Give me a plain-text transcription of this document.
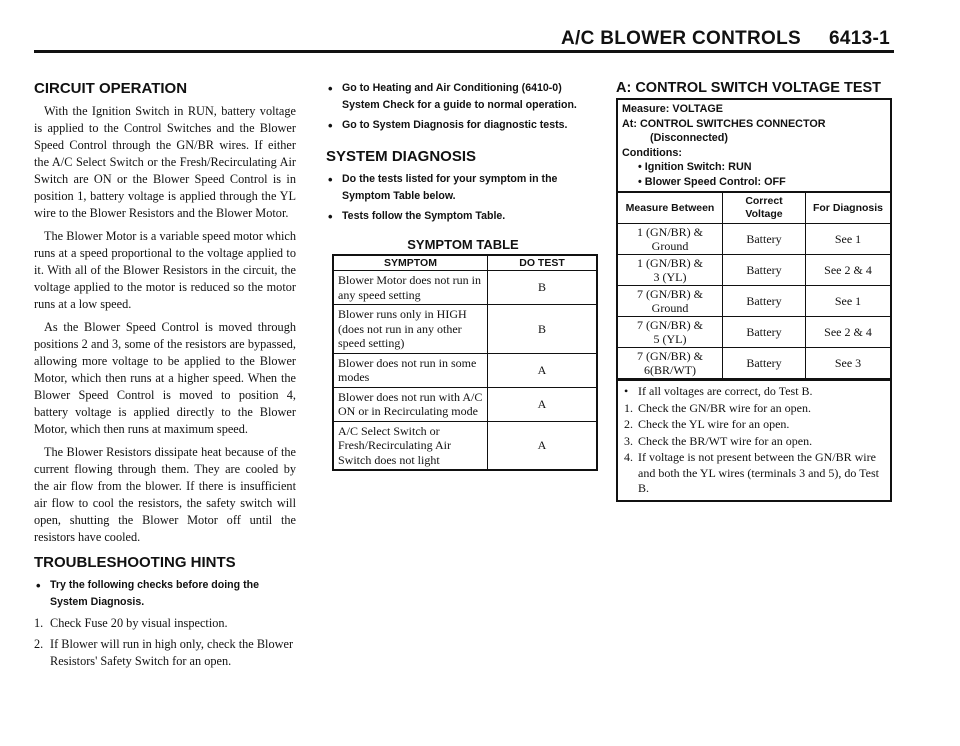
A/C BLOWER CONTROLS 6413-1
CIRCUIT OPERATION

With the Ignition Switch in RUN, battery voltage is applied to the Control Switches and the Blower Speed Control through the GN/BR wires. If either the A/C Select Switch or the Fresh/Recirculating Air Switch are ON or the Blower Speed Control is in position 1, battery voltage is applied through the YL wire to the Blower Resistors and the Blower Motor.

The Blower Motor is a variable speed motor which runs at a speed proportional to the voltage applied to it. With all of the Blower Resistors in the circuit, the voltage applied to the motor is reduced so the motor runs at a low speed.

As the Blower Speed Control is moved through positions 2 and 3, some of the resistors are bypassed, allowing more voltage to be applied to the Blower Motor, which then runs at a higher speed. When the Blower Speed Control is moved to position 4, battery voltage is applied directly to the Blower Motor, which then runs at maximum speed.

The Blower Resistors dissipate heat because of the current flowing through them. They are cooled by the air flow from the blower. If there is insufficient air flow to cool the resistors, the safety switch will open, shutting the Blower Motor off until the resistors have cooled.

TROUBLESHOOTING HINTS
• Try the following checks before doing the System Diagnosis.
1. Check Fuse 20 by visual inspection.
2. If Blower will run in high only, check the Blower Resistors' Safety Switch for an open.
• Go to Heating and Air Conditioning (6410-0) System Check for a guide to normal operation.
• Go to System Diagnosis for diagnostic tests.
SYSTEM DIAGNOSIS
• Do the tests listed for your symptom in the Symptom Table below.
• Tests follow the Symptom Table.
SYMPTOM TABLE
SYMPTOM	DO TEST
Blower Motor does not run in any speed setting	B
Blower runs only in HIGH (does not run in any other speed setting)	B
Blower does not run in some modes	A
Blower does not run with A/C ON or in Recirculating mode	A
A/C Select Switch or Fresh/Recirculating Air Switch does not light	A
A: CONTROL SWITCH VOLTAGE TEST
Measure: VOLTAGE
At: CONTROL SWITCHES CONNECTOR
(Disconnected)
Conditions:
• Ignition Switch: RUN
• Blower Speed Control: OFF
Measure Between	Correct Voltage	For Diagnosis

1 (GN/BR) &
Ground	Battery	See 1

1 (GN/BR) &
3 (YL)	Battery	See 2 & 4

7 (GN/BR) &
Ground	Battery	See 1

7 (GN/BR) &
5 (YL)	Battery	See 2 & 4

7 (GN/BR) &
6(BR/WT)	Battery	See 3
• If all voltages are correct, do Test B.
1. Check the GN/BR wire for an open.
2. Check the YL wire for an open.
3. Check the BR/WT wire for an open.
4. If voltage is not present between the GN/BR wire and both the YL wires (terminals 3 and 5), do Test B.
